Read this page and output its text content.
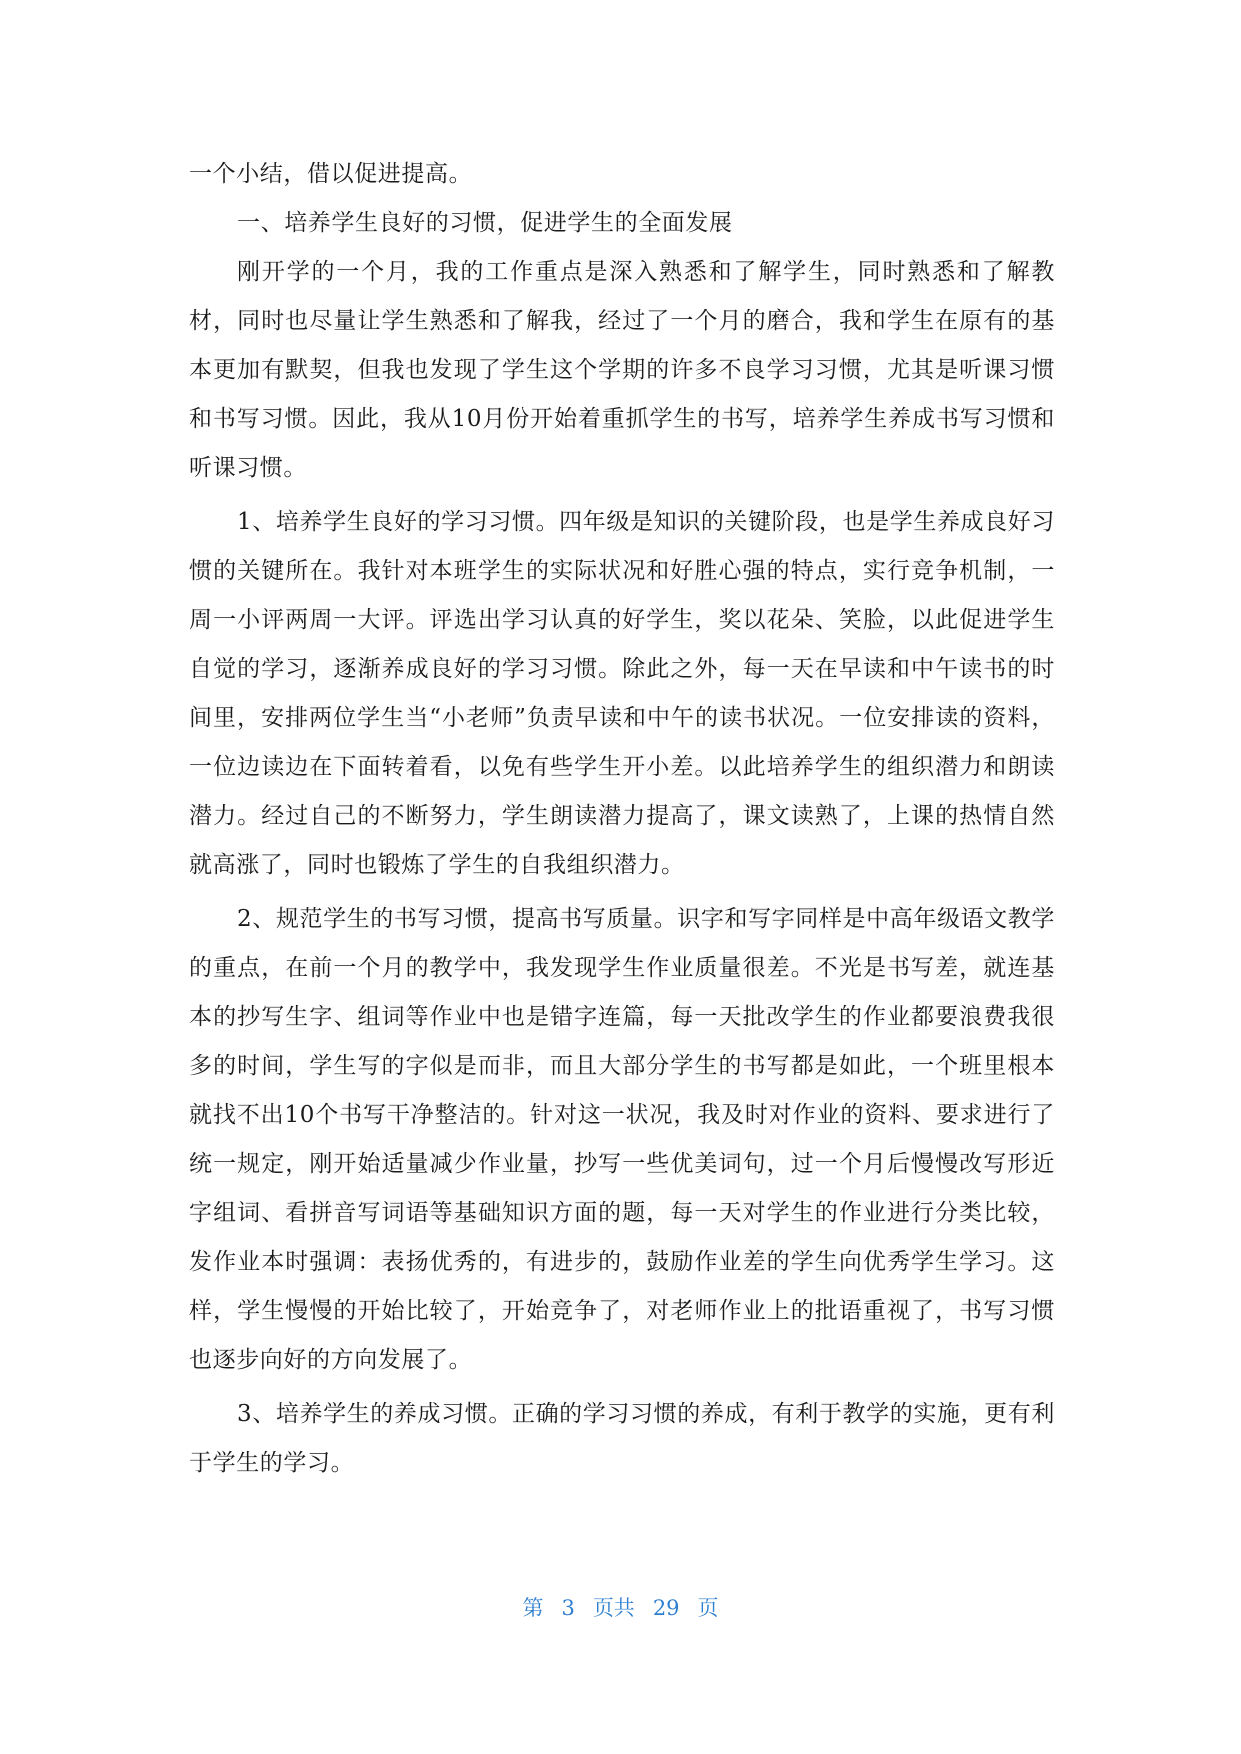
一个小结，借以促进提高。

一、培养学生良好的习惯，促进学生的全面发展

刚开学的一个月，我的工作重点是深入熟悉和了解学生，同时熟悉和了解教材，同时也尽量让学生熟悉和了解我，经过了一个月的磨合，我和学生在原有的基本更加有默契，但我也发现了学生这个学期的许多不良学习习惯，尤其是听课习惯和书写习惯。因此，我从10月份开始着重抓学生的书写，培养学生养成书写习惯和听课习惯。

1、培养学生良好的学习习惯。四年级是知识的关键阶段，也是学生养成良好习惯的关键所在。我针对本班学生的实际状况和好胜心强的特点，实行竞争机制，一周一小评两周一大评。评选出学习认真的好学生，奖以花朵、笑脸，以此促进学生自觉的学习，逐渐养成良好的学习习惯。除此之外，每一天在早读和中午读书的时间里，安排两位学生当“小老师”负责早读和中午的读书状况。一位安排读的资料，一位边读边在下面转着看，以免有些学生开小差。以此培养学生的组织潜力和朗读潜力。经过自己的不断努力，学生朗读潜力提高了，课文读熟了，上课的热情自然就高涨了，同时也锻炼了学生的自我组织潜力。

2、规范学生的书写习惯，提高书写质量。识字和写字同样是中高年级语文教学的重点，在前一个月的教学中，我发现学生作业质量很差。不光是书写差，就连基本的抄写生字、组词等作业中也是错字连篇，每一天批改学生的作业都要浪费我很多的时间，学生写的字似是而非，而且大部分学生的书写都是如此，一个班里根本就找不出10个书写干净整洁的。针对这一状况，我及时对作业的资料、要求进行了统一规定，刚开始适量减少作业量，抄写一些优美词句，过一个月后慢慢改写形近字组词、看拼音写词语等基础知识方面的题，每一天对学生的作业进行分类比较，发作业本时强调：表扬优秀的，有进步的，鼓励作业差的学生向优秀学生学习。这样，学生慢慢的开始比较了，开始竞争了，对老师作业上的批语重视了，书写习惯也逐步向好的方向发展了。

3、培养学生的养成习惯。正确的学习习惯的养成，有利于教学的实施，更有利于学生的学习。

第 3 页共 29 页
